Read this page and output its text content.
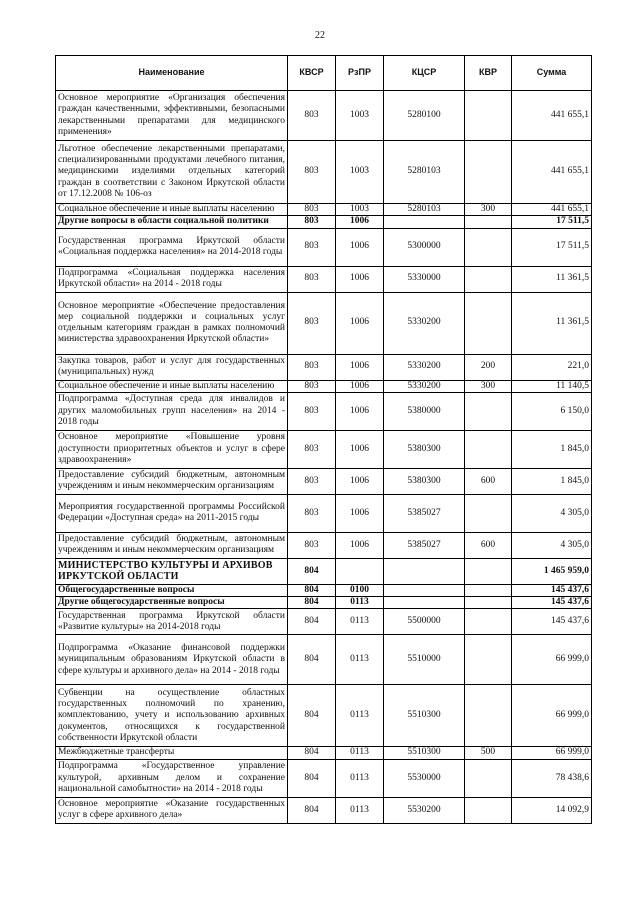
22
Наименование	КВСР	РзПР	КЦСР	КВР	Сумма
Основное мероприятие «Организация обеспечения граждан качественными, эффективными, безопасными лекарственными препаратами для медицинского применения»	803	1003	5280100		441 655,1
Льготное обеспечение лекарственными препаратами, специализированными продуктами лечебного питания, медицинскими изделиями отдельных категорий граждан в соответствии с Законом Иркутской области от 17.12.2008 № 106-оз	803	1003	5280103		441 655,1
Социальное обеспечение и иные выплаты населению	803	1003	5280103	300	441 655,1
Другие вопросы в области социальной политики	803	1006			17 511,5
Государственная программа Иркутской области «Социальная поддержка населения» на 2014-2018 годы	803	1006	5300000		17 511,5
Подпрограмма «Социальная поддержка населения Иркутской области» на 2014 - 2018 годы	803	1006	5330000		11 361,5
Основное мероприятие «Обеспечение предоставления мер социальной поддержки и социальных услуг отдельным категориям граждан в рамках полномочий министерства здравоохранения Иркутской области»	803	1006	5330200		11 361,5
Закупка товаров, работ и услуг для государственных (муниципальных) нужд	803	1006	5330200	200	221,0
Социальное обеспечение и иные выплаты населению	803	1006	5330200	300	11 140,5
Подпрограмма «Доступная среда для инвалидов и других маломобильных групп населения» на 2014 - 2018 годы	803	1006	5380000		6 150,0
Основное мероприятие «Повышение уровня доступности приоритетных объектов и услуг в сфере здравоохранения»	803	1006	5380300		1 845,0
Предоставление субсидий бюджетным, автономным учреждениям и иным некоммерческим организациям	803	1006	5380300	600	1 845,0
Мероприятия государственной программы Российской Федерации «Доступная среда» на 2011-2015 годы	803	1006	5385027		4 305,0
Предоставление субсидий бюджетным, автономным учреждениям и иным некоммерческим организациям	803	1006	5385027	600	4 305,0
МИНИСТЕРСТВО КУЛЬТУРЫ И АРХИВОВ ИРКУТСКОЙ ОБЛАСТИ	804				1 465 959,0
Общегосударственные вопросы	804	0100			145 437,6
Другие общегосударственные вопросы	804	0113			145 437,6
Государственная программа Иркутской области «Развитие культуры» на 2014-2018 годы	804	0113	5500000		145 437,6
Подпрограмма «Оказание финансовой поддержки муниципальным образованиям Иркутской области в сфере культуры и архивного дела» на 2014 - 2018 годы	804	0113	5510000		66 999,0
Субвенции на осуществление областных государственных полномочий по хранению, комплектованию, учету и использованию архивных документов, относящихся к государственной собственности Иркутской области	804	0113	5510300		66 999,0
Межбюджетные трансферты	804	0113	5510300	500	66 999,0
Подпрограмма «Государственное управление культурой, архивным делом и сохранение национальной самобытности» на 2014 - 2018 годы	804	0113	5530000		78 438,6
Основное мероприятие «Оказание государственных услуг в сфере архивного дела»	804	0113	5530200		14 092,9
